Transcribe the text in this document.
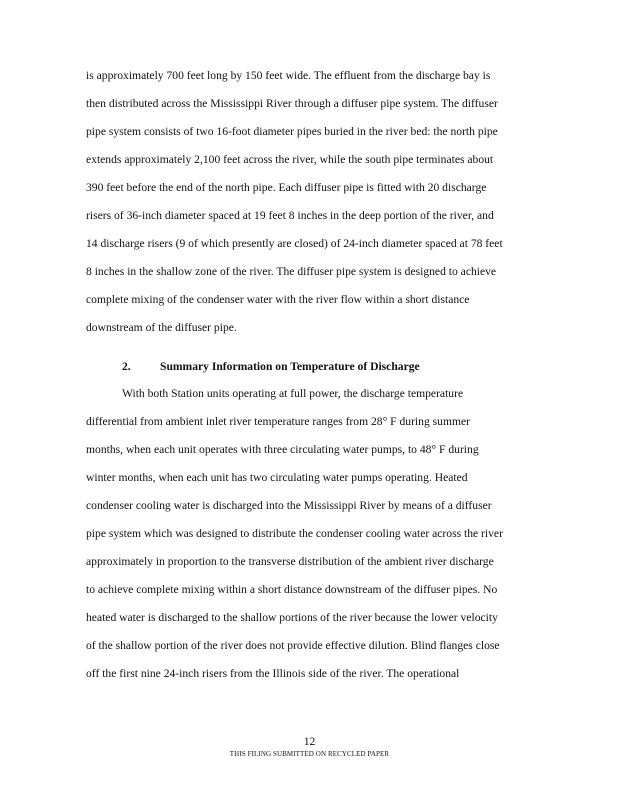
is approximately 700 feet long by 150 feet wide. The effluent from the discharge bay is
then distributed across the Mississippi River through a diffuser pipe system. The diffuser
pipe system consists of two 16-foot diameter pipes buried in the river bed: the north pipe
extends approximately 2,100 feet across the river, while the south pipe terminates about
390 feet before the end of the north pipe. Each diffuser pipe is fitted with 20 discharge
risers of 36-inch diameter spaced at 19 feet 8 inches in the deep portion of the river, and
14 discharge risers (9 of which presently are closed) of 24-inch diameter spaced at 78 feet
8 inches in the shallow zone of the river. The diffuser pipe system is designed to achieve
complete mixing of the condenser water with the river flow within a short distance
downstream of the diffuser pipe.
2.	Summary Information on Temperature of Discharge
With both Station units operating at full power, the discharge temperature
differential from ambient inlet river temperature ranges from 28° F during summer
months, when each unit operates with three circulating water pumps, to 48° F during
winter months, when each unit has two circulating water pumps operating. Heated
condenser cooling water is discharged into the Mississippi River by means of a diffuser
pipe system which was designed to distribute the condenser cooling water across the river
approximately in proportion to the transverse distribution of the ambient river discharge
to achieve complete mixing within a short distance downstream of the diffuser pipes. No
heated water is discharged to the shallow portions of the river because the lower velocity
of the shallow portion of the river does not provide effective dilution. Blind flanges close
off the first nine 24-inch risers from the Illinois side of the river. The operational
12
THIS FILING SUBMITTED ON RECYCLED PAPER
